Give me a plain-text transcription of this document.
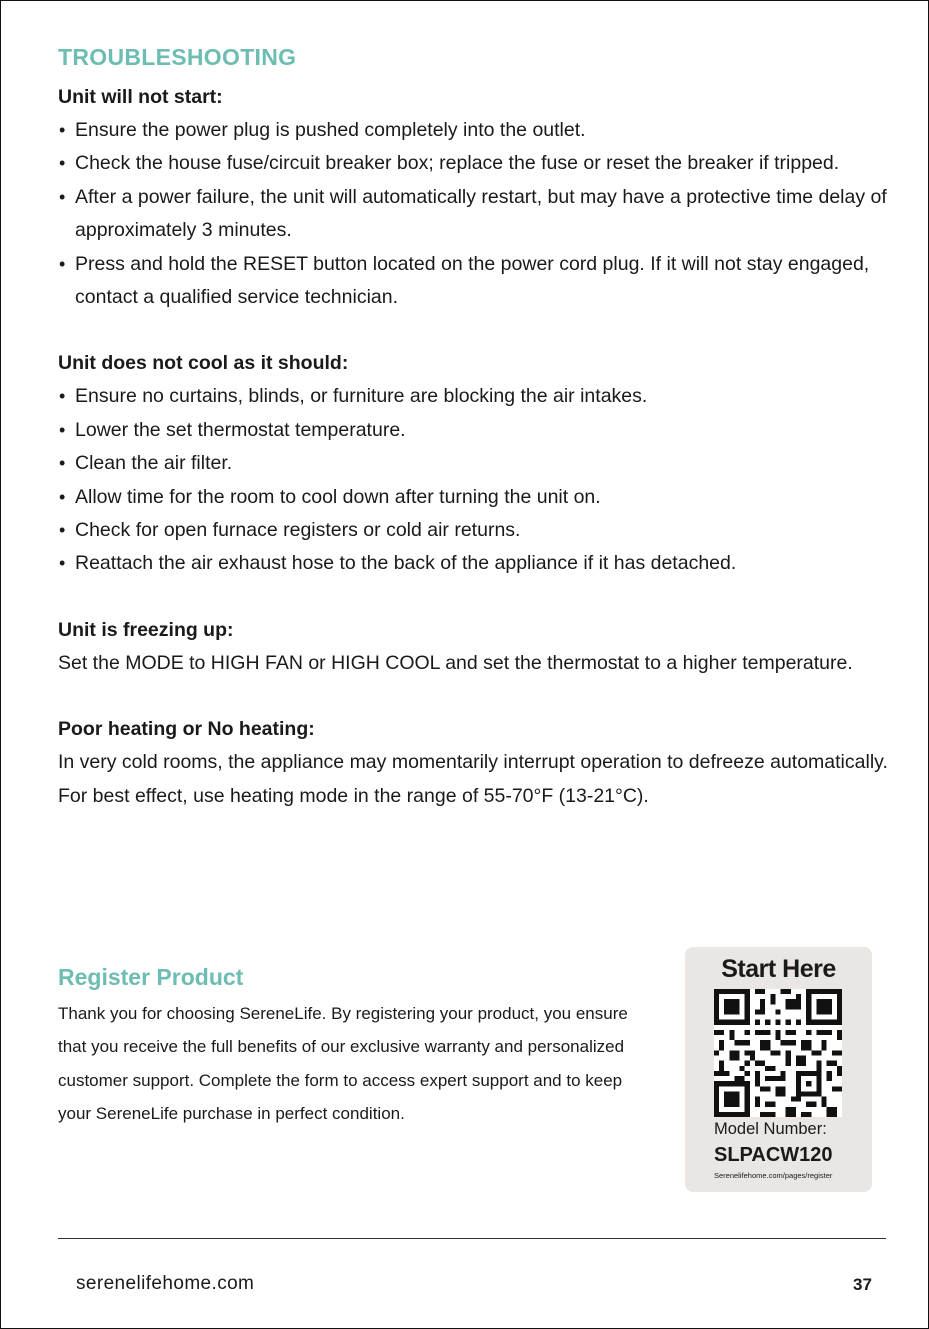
TROUBLESHOOTING

Unit will not start:

• Ensure the power plug is pushed completely into the outlet.
• Check the house fuse/circuit breaker box; replace the fuse or reset the breaker if tripped.
• After a power failure, the unit will automatically restart, but may have a protective time delay of approximately 3 minutes.
• Press and hold the RESET button located on the power cord plug. If it will not stay engaged, contact a qualified service technician.

Unit does not cool as it should:

• Ensure no curtains, blinds, or furniture are blocking the air intakes.
• Lower the set thermostat temperature.
• Clean the air filter.
• Allow time for the room to cool down after turning the unit on.
• Check for open furnace registers or cold air returns.
• Reattach the air exhaust hose to the back of the appliance if it has detached.

Unit is freezing up:

Set the MODE to HIGH FAN or HIGH COOL and set the thermostat to a higher temperature.

Poor heating or No heating:

In very cold rooms, the appliance may momentarily interrupt operation to defreeze automatically. For best effect, use heating mode in the range of 55-70°F (13-21°C).

Register Product

Thank you for choosing SereneLife. By registering your product, you ensure that you receive the full benefits of our exclusive warranty and personalized customer support. Complete the form to access expert support and to keep your SereneLife purchase in perfect condition.

Start Here
Model Number:
SLPACW120
Serenelifehome.com/pages/register
serenelifehome.com	37
